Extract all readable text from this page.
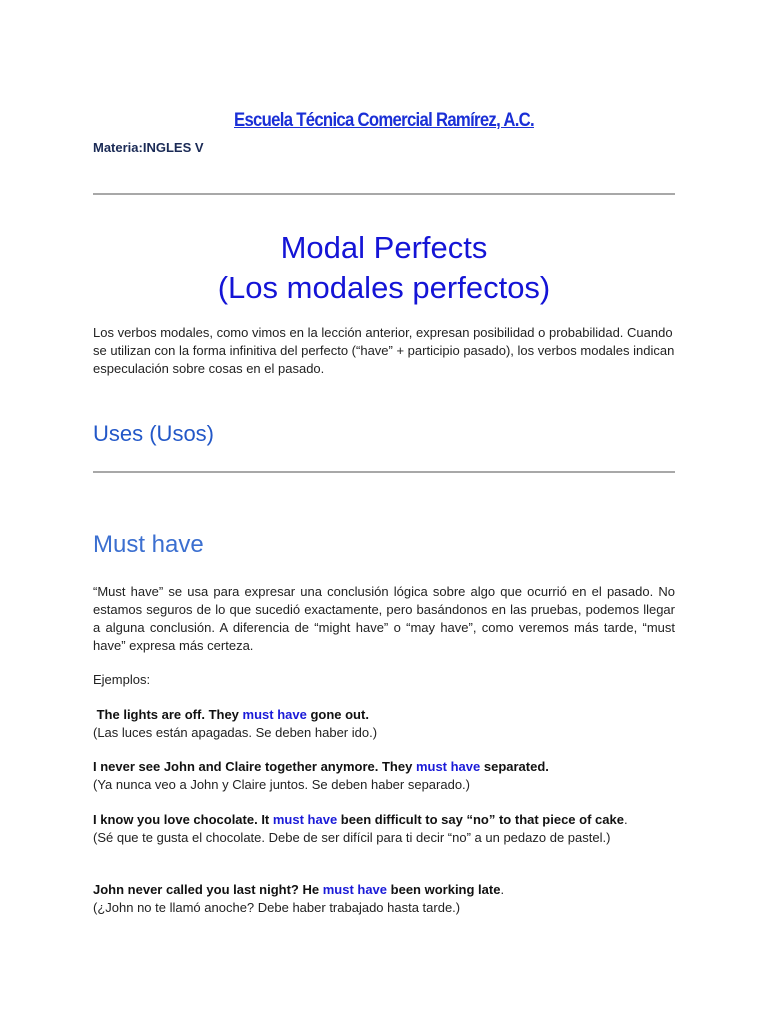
Escuela Técnica Comercial Ramírez, A.C.
Materia:INGLES V
Modal Perfects
(Los modales perfectos)
Los verbos modales, como vimos en la lección anterior, expresan posibilidad o probabilidad. Cuando se utilizan con la forma infinitiva del perfecto (“have” + participio pasado), los verbos modales indican especulación sobre cosas en el pasado.
Uses (Usos)
Must have
“Must have” se usa para expresar una conclusión lógica sobre algo que ocurrió en el pasado. No estamos seguros de lo que sucedió exactamente, pero basándonos en las pruebas, podemos llegar a alguna conclusión. A diferencia de “might have” o “may have”, como veremos más tarde, “must have” expresa más certeza.
Ejemplos:
The lights are off. They must have gone out.
(Las luces están apagadas. Se deben haber ido.)
I never see John and Claire together anymore. They must have separated.
(Ya nunca veo a John y Claire juntos. Se deben haber separado.)
I know you love chocolate. It must have been difficult to say “no” to that piece of cake.
(Sé que te gusta el chocolate. Debe de ser difícil para ti decir “no” a un pedazo de pastel.)
John never called you last night? He must have been working late.
(¿John no te llamó anoche? Debe haber trabajado hasta tarde.)
